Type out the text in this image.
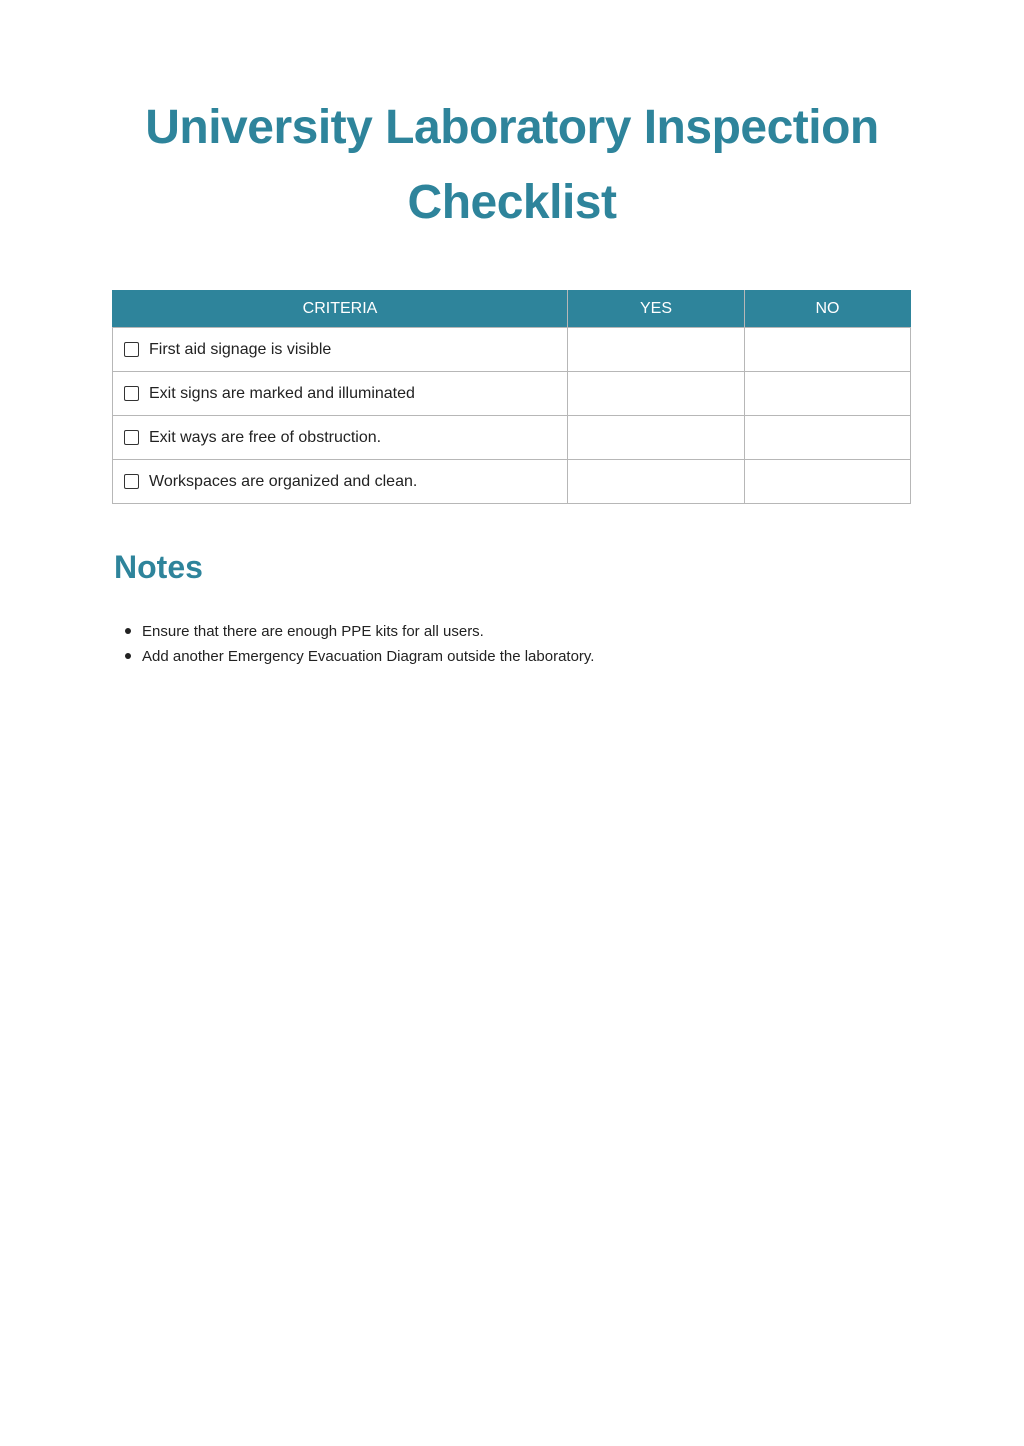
University Laboratory Inspection Checklist
CRITERIA	YES	NO

First aid signage is visible		

Exit signs are marked and illuminated		

Exit ways are free of obstruction.		

Workspaces are organized and clean.		

Notes
Ensure that there are enough PPE kits for all users.
Add another Emergency Evacuation Diagram outside the laboratory.
